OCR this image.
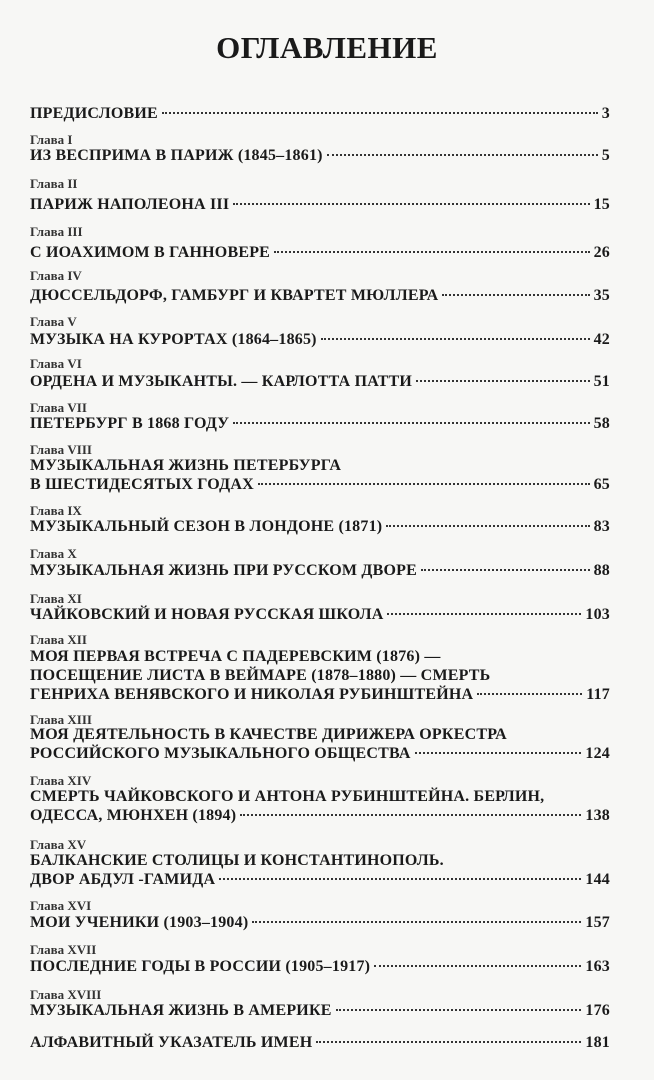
ОГЛАВЛЕНИЕ
ПРЕДИСЛОВИЕ	3
Глава I
ИЗ ВЕСПРИМА В ПАРИЖ (1845–1861)	5
Глава II
ПАРИЖ НАПОЛЕОНА III	15
Глава III
С ИОАХИМОМ В ГАННОВЕРЕ	26
Глава IV
ДЮССЕЛЬДОРФ, ГАМБУРГ И КВАРТЕТ МЮЛЛЕРА	35
Глава V
МУЗЫКА НА КУРОРТАХ (1864–1865)	42
Глава VI
ОРДЕНА И МУЗЫКАНТЫ. — КАРЛОТТА ПАТТИ	51
Глава VII
ПЕТЕРБУРГ В 1868 ГОДУ	58
Глава VIII
МУЗЫКАЛЬНАЯ ЖИЗНЬ ПЕТЕРБУРГА
В ШЕСТИДЕСЯТЫХ ГОДАХ	65
Глава IX
МУЗЫКАЛЬНЫЙ СЕЗОН В ЛОНДОНЕ (1871)	83
Глава X
МУЗЫКАЛЬНАЯ ЖИЗНЬ ПРИ РУССКОМ ДВОРЕ	88
Глава XI
ЧАЙКОВСКИЙ И НОВАЯ РУССКАЯ ШКОЛА	103
Глава XII
МОЯ ПЕРВАЯ ВСТРЕЧА С ПАДЕРЕВСКИМ (1876) —
ПОСЕЩЕНИЕ ЛИСТА В ВЕЙМАРЕ (1878–1880) — СМЕРТЬ
ГЕНРИХА ВЕНЯВСКОГО И НИКОЛАЯ РУБИНШТЕЙНА	117
Глава XIII
МОЯ ДЕЯТЕЛЬНОСТЬ В КАЧЕСТВЕ ДИРИЖЕРА ОРКЕСТРА
РОССИЙСКОГО МУЗЫКАЛЬНОГО ОБЩЕСТВА	124
Глава XIV
СМЕРТЬ ЧАЙКОВСКОГО И АНТОНА РУБИНШТЕЙНА. БЕРЛИН,
ОДЕССА, МЮНХЕН (1894)	138
Глава XV
БАЛКАНСКИЕ СТОЛИЦЫ И КОНСТАНТИНОПОЛЬ.
ДВОР АБДУЛ -ГАМИДА	144
Глава XVI
МОИ УЧЕНИКИ (1903–1904)	157
Глава XVII
ПОСЛЕДНИЕ ГОДЫ В РОССИИ (1905–1917)	163
Глава XVIII
МУЗЫКАЛЬНАЯ ЖИЗНЬ В АМЕРИКЕ	176
АЛФАВИТНЫЙ УКАЗАТЕЛЬ ИМЕН	181
